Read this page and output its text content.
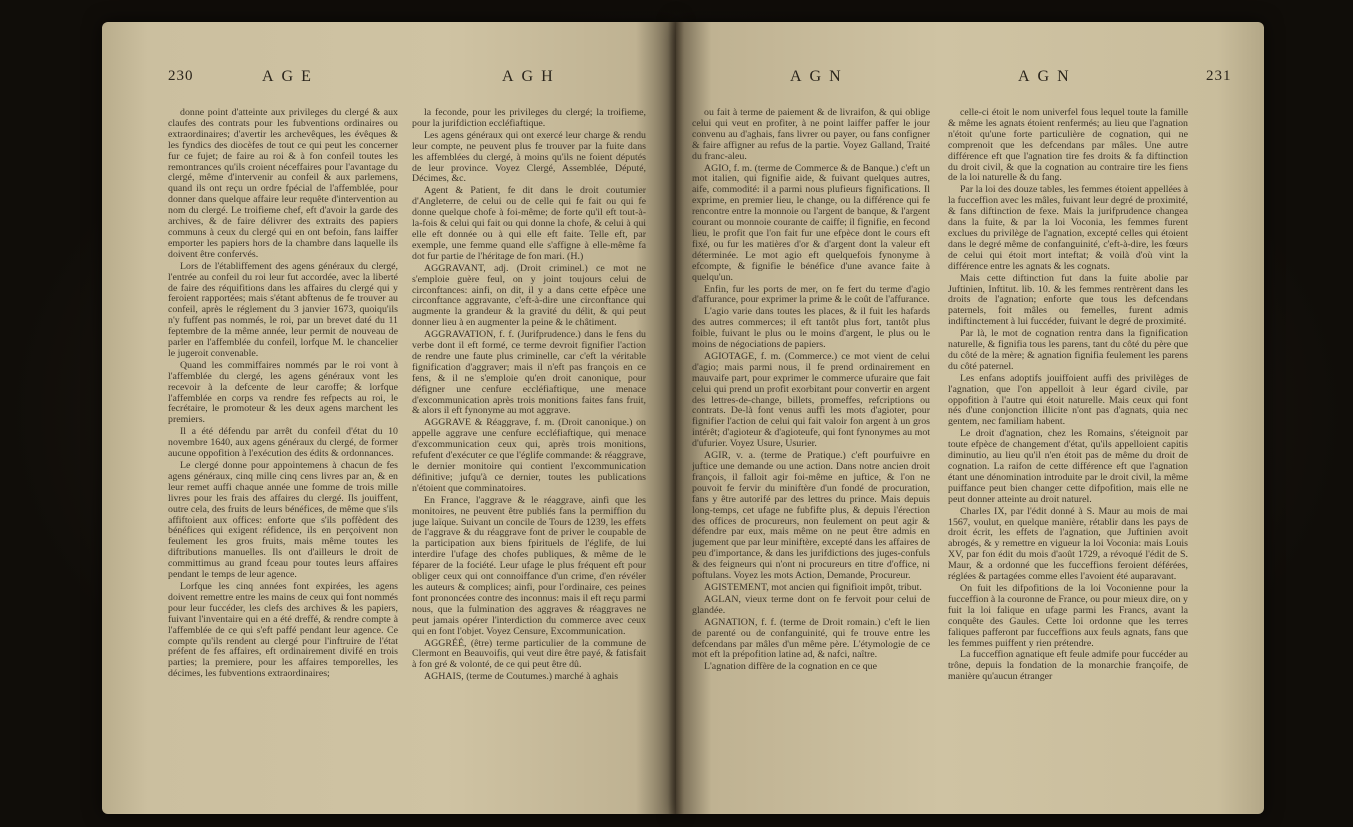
230	AGE	AGH

donne point d'atteinte aux privileges du clergé & aux claufes des contrats pour les fubventions ordinaires ou extraordinaires; d'avertir les archevêques, les évêques & les fyndics des diocèfes de tout ce qui peut les concerner fur ce fujet; de faire au roi & à fon confeil toutes les remontrances qu'ils croient néceffaires pour l'avantage du clergé, même d'intervenir au confeil & aux parlemens, quand ils ont reçu un ordre fpécial de l'affemblée, pour donner dans quelque affaire leur requête d'intervention au nom du clergé. Le troifieme chef, eft d'avoir la garde des archives, & de faire délivrer des extraits des papiers communs à ceux du clergé qui en ont befoin, fans laiffer emporter les papiers hors de la chambre dans laquelle ils doivent être confervés.

Lors de l'établiffement des agens généraux du clergé, l'entrée au confeil du roi leur fut accordée, avec la liberté de faire des réquifitions dans les affaires du clergé qui y feroient rapportées; mais s'étant abftenus de fe trouver au confeil, après le réglement du 3 janvier 1673, quoiqu'ils n'y fuffent pas nommés, le roi, par un brevet daté du 11 feptembre de la même année, leur permit de nouveau de parler en l'affemblée du confeil, lorfque M. le chancelier le jugeroit convenable.

Quand les commiffaires nommés par le roi vont à l'affemblée du clergé, les agens généraux vont les recevoir à la defcente de leur caroffe; & lorfque l'affemblée en corps va rendre fes refpects au roi, le fecrétaire, le promoteur & les deux agens marchent les premiers.

Il a été défendu par arrêt du confeil d'état du 10 novembre 1640, aux agens généraux du clergé, de former aucune oppofition à l'exécution des édits & ordonnances.

Le clergé donne pour appointemens à chacun de fes agens généraux, cinq mille cinq cens livres par an, & en leur remet auffi chaque année une fomme de trois mille livres pour les frais des affaires du clergé. Ils jouiffent, outre cela, des fruits de leurs bénéfices, de même que s'ils affiftoient aux offices: enforte que s'ils poffèdent des bénéfices qui exigent réfidence, ils en perçoivent non feulement les gros fruits, mais même toutes les diftributions manuelles. Ils ont d'ailleurs le droit de committimus au grand fceau pour toutes leurs affaires pendant le temps de leur agence.

Lorfque les cinq années font expirées, les agens doivent remettre entre les mains de ceux qui font nommés pour leur fuccéder, les clefs des archives & les papiers, fuivant l'inventaire qui en a été dreffé, & rendre compte à l'affemblée de ce qui s'eft paffé pendant leur agence. Ce compte qu'ils rendent au clergé pour l'inftruire de l'état préfent de fes affaires, eft ordinairement divifé en trois parties; la premiere, pour les affaires temporelles, les décimes, les fubventions extraordinaires;

la feconde, pour les privileges du clergé; la troifieme, pour la jurifdiction eccléfiaftique.

Les agens généraux qui ont exercé leur charge & rendu leur compte, ne peuvent plus fe trouver par la fuite dans les affemblées du clergé, à moins qu'ils ne foient députés de leur province. Voyez Clergé, Assemblée, Député, Décimes, &c.

Agent & Patient, fe dit dans le droit coutumier d'Angleterre, de celui ou de celle qui fe fait ou qui fe donne quelque chofe à foi-même; de forte qu'il eft tout-à-la-fois & celui qui fait ou qui donne la chofe, & celui à qui elle eft donnée ou à qui elle eft faite. Telle eft, par exemple, une femme quand elle s'affigne à elle-même fa dot fur partie de l'héritage de fon mari. (H.)

AGGRAVANT, adj. (Droit criminel.) ce mot ne s'emploie guère feul, on y joint toujours celui de circonftances: ainfi, on dit, il y a dans cette efpèce une circonftance aggravante, c'eft-à-dire une circonftance qui augmente la grandeur & la gravité du délit, & qui peut donner lieu à en augmenter la peine & le châtiment.

AGGRAVATION, f. f. (Jurifprudence.) dans le fens du verbe dont il eft formé, ce terme devroit fignifier l'action de rendre une faute plus criminelle, car c'eft la véritable fignification d'aggraver; mais il n'eft pas françois en ce fens, & il ne s'emploie qu'en droit canonique, pour défigner une cenfure eccléfiaftique, une menace d'excommunication après trois monitions faites fans fruit, & alors il eft fynonyme au mot aggrave.

AGGRAVE & Réaggrave, f. m. (Droit canonique.) on appelle aggrave une cenfure eccléfiaftique, qui menace d'excommunication ceux qui, après trois monitions, refufent d'exécuter ce que l'églife commande: & réaggrave, le dernier monitoire qui contient l'excommunication définitive; jufqu'à ce dernier, toutes les publications n'étoient que comminatoires.

En France, l'aggrave & le réaggrave, ainfi que les monitoires, ne peuvent être publiés fans la permiffion du juge laïque. Suivant un concile de Tours de 1239, les effets de l'aggrave & du réaggrave font de priver le coupable de la participation aux biens fpirituels de l'églife, de lui interdire l'ufage des chofes publiques, & même de le féparer de la fociété. Leur ufage le plus fréquent eft pour obliger ceux qui ont connoiffance d'un crime, d'en révéler les auteurs & complices; ainfi, pour l'ordinaire, ces peines font prononcées contre des inconnus: mais il eft reçu parmi nous, que la fulmination des aggraves & réaggraves ne peut jamais opérer l'interdiction du commerce avec ceux qui en font l'objet. Voyez Censure, Excommunication.

AGGRÉÉ, (être) terme particulier de la commune de Clermont en Beauvoifis, qui veut dire être payé, & fatisfait à fon gré & volonté, de ce qui peut être dû.

AGHAIS, (terme de Coutumes.) marché à aghais

AGN	AGN	231

ou fait à terme de paiement & de livraifon, & qui oblige celui qui veut en profiter, à ne point laiffer paffer le jour convenu au d'aghais, fans livrer ou payer, ou fans configner & faire affigner au refus de la partie. Voyez Galland, Traité du franc-aleu.

AGIO, f. m. (terme de Commerce & de Banque.) c'eft un mot italien, qui fignifie aide, & fuivant quelques autres, aife, commodité: il a parmi nous plufieurs fignifications. Il exprime, en premier lieu, le change, ou la différence qui fe rencontre entre la monnoie ou l'argent de banque, & l'argent courant ou monnoie courante de caiffe; il fignifie, en fecond lieu, le profit que l'on fait fur une efpèce dont le cours eft fixé, ou fur les matières d'or & d'argent dont la valeur eft déterminée. Le mot agio eft quelquefois fynonyme à efcompte, & fignifie le bénéfice d'une avance faite à quelqu'un.

Enfin, fur les ports de mer, on fe fert du terme d'agio d'affurance, pour exprimer la prime & le coût de l'affurance.

L'agio varie dans toutes les places, & il fuit les hafards des autres commerces; il eft tantôt plus fort, tantôt plus foible, fuivant le plus ou le moins d'argent, le plus ou le moins de négociations de papiers.

AGIOTAGE, f. m. (Commerce.) ce mot vient de celui d'agio; mais parmi nous, il fe prend ordinairement en mauvaife part, pour exprimer le commerce ufuraire que fait celui qui prend un profit exorbitant pour convertir en argent des lettres-de-change, billets, promeffes, refcriptions ou contrats. De-là font venus auffi les mots d'agioter, pour fignifier l'action de celui qui fait valoir fon argent à un gros intérêt; d'agioteur & d'agioteufe, qui font fynonymes au mot d'ufurier. Voyez Usure, Usurier.

AGIR, v. a. (terme de Pratique.) c'eft pourfuivre en juftice une demande ou une action. Dans notre ancien droit françois, il falloit agir foi-même en juftice, & l'on ne pouvoit fe fervir du miniftère d'un fondé de procuration, fans y être autorifé par des lettres du prince. Mais depuis long-temps, cet ufage ne fubfifte plus, & depuis l'érection des offices de procureurs, non feulement on peut agir & défendre par eux, mais même on ne peut être admis en jugement que par leur miniftère, excepté dans les affaires de peu d'importance, & dans les jurifdictions des juges-confuls & des feigneurs qui n'ont ni procureurs en titre d'office, ni poftulans. Voyez les mots Action, Demande, Procureur.

AGISTEMENT, mot ancien qui fignifioit impôt, tribut.

AGLAN, vieux terme dont on fe fervoit pour celui de glandée.

AGNATION, f. f. (terme de Droit romain.) c'eft le lien de parenté ou de confanguinité, qui fe trouve entre les defcendans par mâles d'un même père. L'étymologie de ce mot eft la prépofition latine ad, & nafci, naître.

L'agnation diffère de la cognation en ce que

celle-ci étoit le nom univerfel fous lequel toute la famille & même les agnats étoient renfermés; au lieu que l'agnation n'étoit qu'une forte particulière de cognation, qui ne comprenoit que les defcendans par mâles. Une autre différence eft que l'agnation tire fes droits & fa diftinction du droit civil, & que la cognation au contraire tire les fiens de la loi naturelle & du fang.

Par la loi des douze tables, les femmes étoient appellées à la fucceffion avec les mâles, fuivant leur degré de proximité, & fans diftinction de fexe. Mais la jurifprudence changea dans la fuite, & par la loi Voconia, les femmes furent exclues du privilège de l'agnation, excepté celles qui étoient dans le degré même de confanguinité, c'eft-à-dire, les fœurs de celui qui étoit mort inteftat; & voilà d'où vint la différence entre les agnats & les cognats.

Mais cette diftinction fut dans la fuite abolie par Juftinien, Inftitut. lib. 10. & les femmes rentrèrent dans les droits de l'agnation; enforte que tous les defcendans paternels, foit mâles ou femelles, furent admis indiftinctement à lui fuccéder, fuivant le degré de proximité.

Par là, le mot de cognation rentra dans la fignification naturelle, & fignifia tous les parens, tant du côté du père que du côté de la mère; & agnation fignifia feulement les parens du côté paternel.

Les enfans adoptifs jouiffoient auffi des privilèges de l'agnation, que l'on appelloit à leur égard civile, par oppofition à l'autre qui étoit naturelle. Mais ceux qui font nés d'une conjonction illicite n'ont pas d'agnats, quia nec gentem, nec familiam habent.

Le droit d'agnation, chez les Romains, s'éteignoit par toute efpèce de changement d'état, qu'ils appelloient capitis diminutio, au lieu qu'il n'en étoit pas de même du droit de cognation. La raifon de cette différence eft que l'agnation étant une dénomination introduite par le droit civil, la même puiffance peut bien changer cette difpofition, mais elle ne peut donner atteinte au droit naturel.

Charles IX, par l'édit donné à S. Maur au mois de mai 1567, voulut, en quelque manière, rétablir dans les pays de droit écrit, les effets de l'agnation, que Juftinien avoit abrogés, & y remettre en vigueur la loi Voconia: mais Louis XV, par fon édit du mois d'août 1729, a révoqué l'édit de S. Maur, & a ordonné que les fucceffions feroient déférées, réglées & partagées comme elles l'avoient été auparavant.

On fuit les difpofitions de la loi Voconienne pour la fucceffion à la couronne de France, ou pour mieux dire, on y fuit la loi falique en ufage parmi les Francs, avant la conquête des Gaules. Cette loi ordonne que les terres faliques pafferont par fucceffions aux feuls agnats, fans que les femmes puiffent y rien prétendre.

La fucceffion agnatique eft feule admife pour fuccéder au trône, depuis la fondation de la monarchie françoife, de manière qu'aucun étranger
